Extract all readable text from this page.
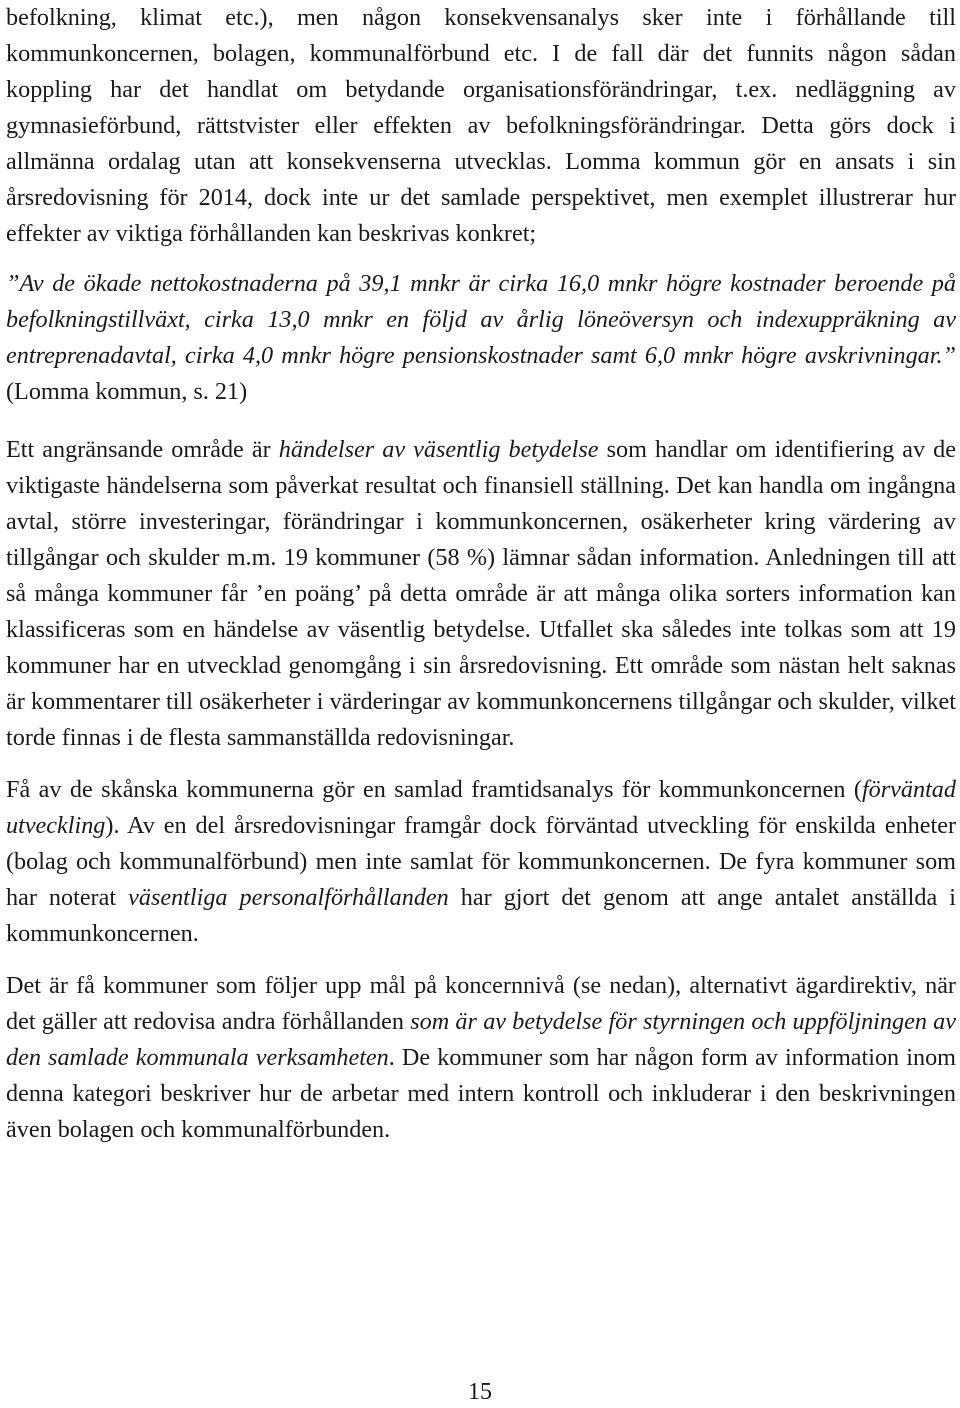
befolkning, klimat etc.), men någon konsekvensanalys sker inte i förhållande till kommunkoncernen, bolagen, kommunalförbund etc. I de fall där det funnits någon sådan koppling har det handlat om betydande organisationsförändringar, t.ex. nedläggning av gymnasieförbund, rättstvister eller effekten av befolkningsförändringar. Detta görs dock i allmänna ordalag utan att konsekvenserna utvecklas. Lomma kommun gör en ansats i sin årsredovisning för 2014, dock inte ur det samlade perspektivet, men exemplet illustrerar hur effekter av viktiga förhållanden kan beskrivas konkret;

”Av de ökade nettokostnaderna på 39,1 mnkr är cirka 16,0 mnkr högre kostnader beroende på befolkningstillväxt, cirka 13,0 mnkr en följd av årlig löneöversyn och indexuppräkning av entreprenadavtal, cirka 4,0 mnkr högre pensionskostnader samt 6,0 mnkr högre avskrivningar.” (Lomma kommun, s. 21)

Ett angränsande område är händelser av väsentlig betydelse som handlar om identifiering av de viktigaste händelserna som påverkat resultat och finansiell ställning. Det kan handla om ingångna avtal, större investeringar, förändringar i kommunkoncernen, osäkerheter kring värdering av tillgångar och skulder m.m. 19 kommuner (58 %) lämnar sådan information. Anledningen till att så många kommuner får ’en poäng’ på detta område är att många olika sorters information kan klassificeras som en händelse av väsentlig betydelse. Utfallet ska således inte tolkas som att 19 kommuner har en utvecklad genomgång i sin årsredovisning. Ett område som nästan helt saknas är kommentarer till osäkerheter i värderingar av kommunkoncernens tillgångar och skulder, vilket torde finnas i de flesta sammanställda redovisningar.

Få av de skånska kommunerna gör en samlad framtidsanalys för kommunkoncernen (förväntad utveckling). Av en del årsredovisningar framgår dock förväntad utveckling för enskilda enheter (bolag och kommunalförbund) men inte samlat för kommunkoncernen. De fyra kommuner som har noterat väsentliga personalförhållanden har gjort det genom att ange antalet anställda i kommunkoncernen.

Det är få kommuner som följer upp mål på koncernnivå (se nedan), alternativt ägardirektiv, när det gäller att redovisa andra förhållanden som är av betydelse för styrningen och uppföljningen av den samlade kommunala verksamheten. De kommuner som har någon form av information inom denna kategori beskriver hur de arbetar med intern kontroll och inkluderar i den beskrivningen även bolagen och kommunalförbunden.

15
